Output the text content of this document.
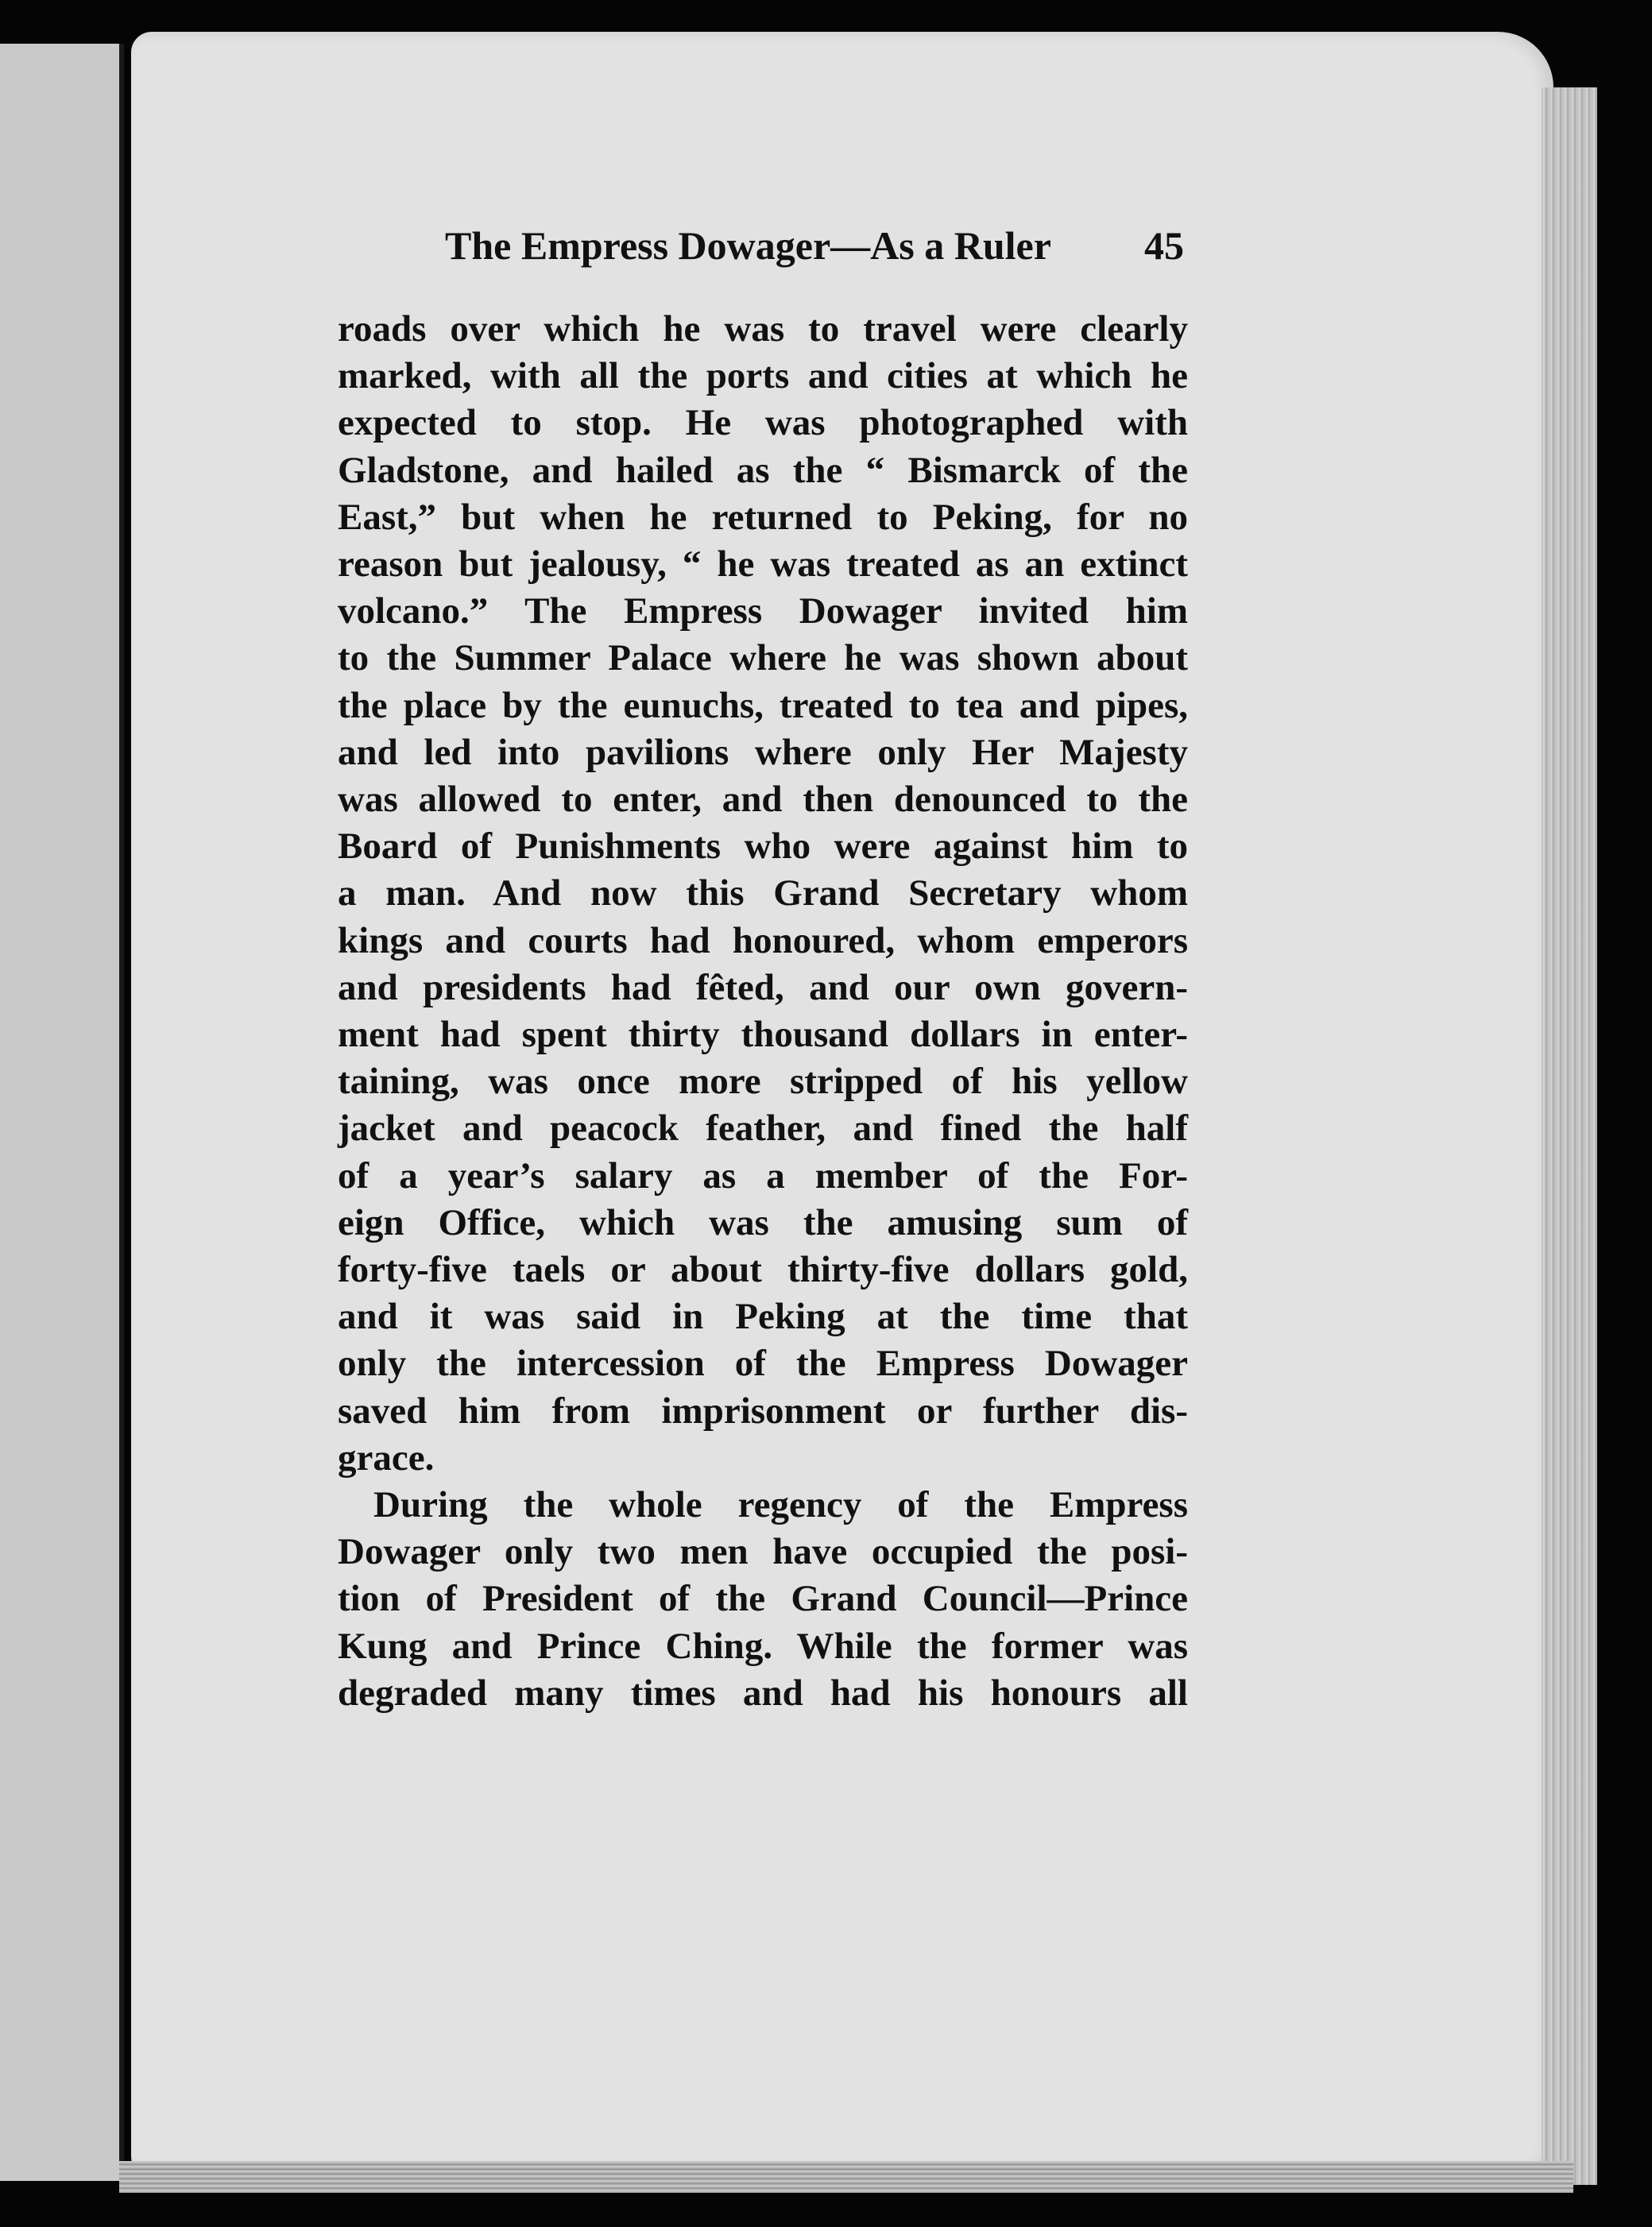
The Empress Dowager—As a Ruler 45
roads over which he was to travel were clearly
marked, with all the ports and cities at which he
expected to stop. He was photographed with
Gladstone, and hailed as the “ Bismarck of the
East,” but when he returned to Peking, for no
reason but jealousy, “ he was treated as an extinct
volcano.” The Empress Dowager invited him
to the Summer Palace where he was shown about
the place by the eunuchs, treated to tea and pipes,
and led into pavilions where only Her Majesty
was allowed to enter, and then denounced to the
Board of Punishments who were against him to
a man. And now this Grand Secretary whom
kings and courts had honoured, whom emperors
and presidents had fêted, and our own govern-
ment had spent thirty thousand dollars in enter-
taining, was once more stripped of his yellow
jacket and peacock feather, and fined the half
of a year’s salary as a member of the For-
eign Office, which was the amusing sum of
forty-five taels or about thirty-five dollars gold,
and it was said in Peking at the time that
only the intercession of the Empress Dowager
saved him from imprisonment or further dis-
grace.
During the whole regency of the Empress
Dowager only two men have occupied the posi-
tion of President of the Grand Council—Prince
Kung and Prince Ching. While the former was
degraded many times and had his honours all
